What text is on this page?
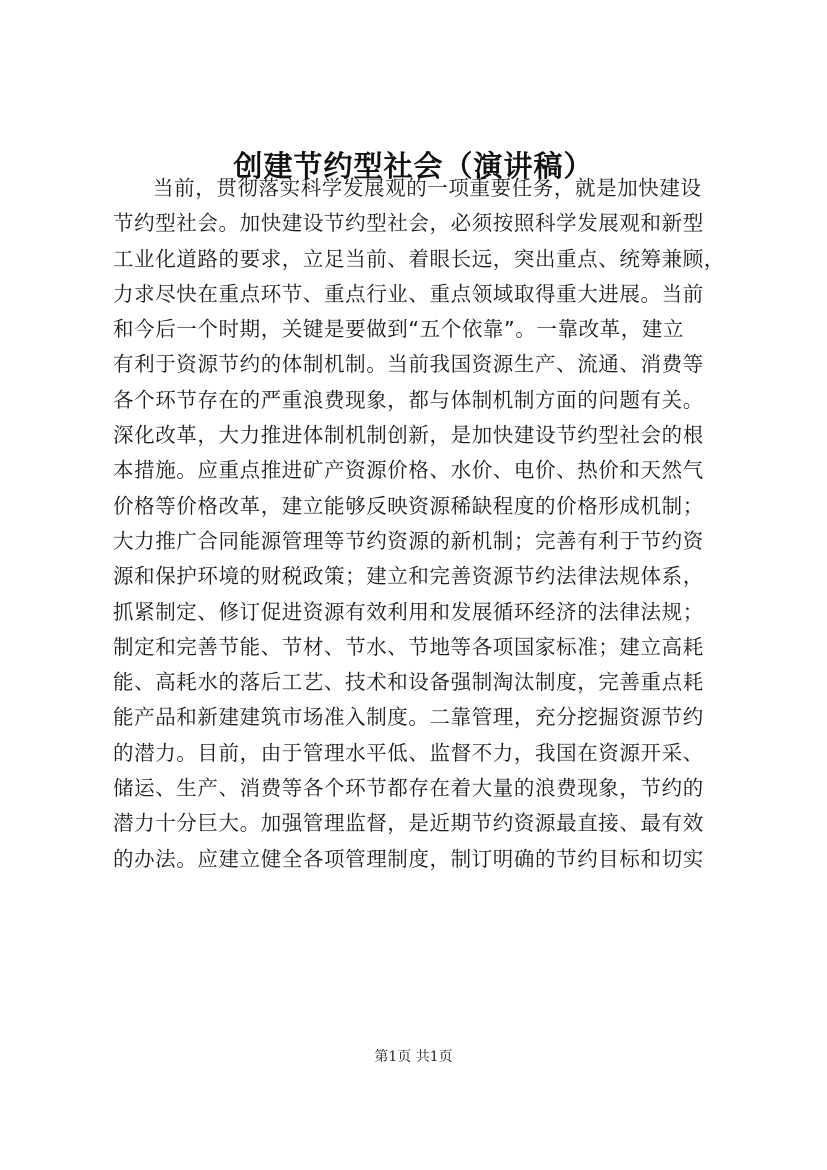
创建节约型社会（演讲稿）
当前，贯彻落实科学发展观的一项重要任务，就是加快建设
节约型社会。加快建设节约型社会，必须按照科学发展观和新型
工业化道路的要求，立足当前、着眼长远，突出重点、统筹兼顾，
力求尽快在重点环节、重点行业、重点领域取得重大进展。当前
和今后一个时期，关键是要做到“五个依靠”。一靠改革，建立
有利于资源节约的体制机制。当前我国资源生产、流通、消费等
各个环节存在的严重浪费现象，都与体制机制方面的问题有关。
深化改革，大力推进体制机制创新，是加快建设节约型社会的根
本措施。应重点推进矿产资源价格、水价、电价、热价和天然气
价格等价格改革，建立能够反映资源稀缺程度的价格形成机制；
大力推广合同能源管理等节约资源的新机制；完善有利于节约资
源和保护环境的财税政策；建立和完善资源节约法律法规体系，
抓紧制定、修订促进资源有效利用和发展循环经济的法律法规；
制定和完善节能、节材、节水、节地等各项国家标准；建立高耗
能、高耗水的落后工艺、技术和设备强制淘汰制度，完善重点耗
能产品和新建建筑市场准入制度。二靠管理，充分挖掘资源节约
的潜力。目前，由于管理水平低、监督不力，我国在资源开采、
储运、生产、消费等各个环节都存在着大量的浪费现象，节约的
潜力十分巨大。加强管理监督，是近期节约资源最直接、最有效
的办法。应建立健全各项管理制度，制订明确的节约目标和切实
第1页 共1页
